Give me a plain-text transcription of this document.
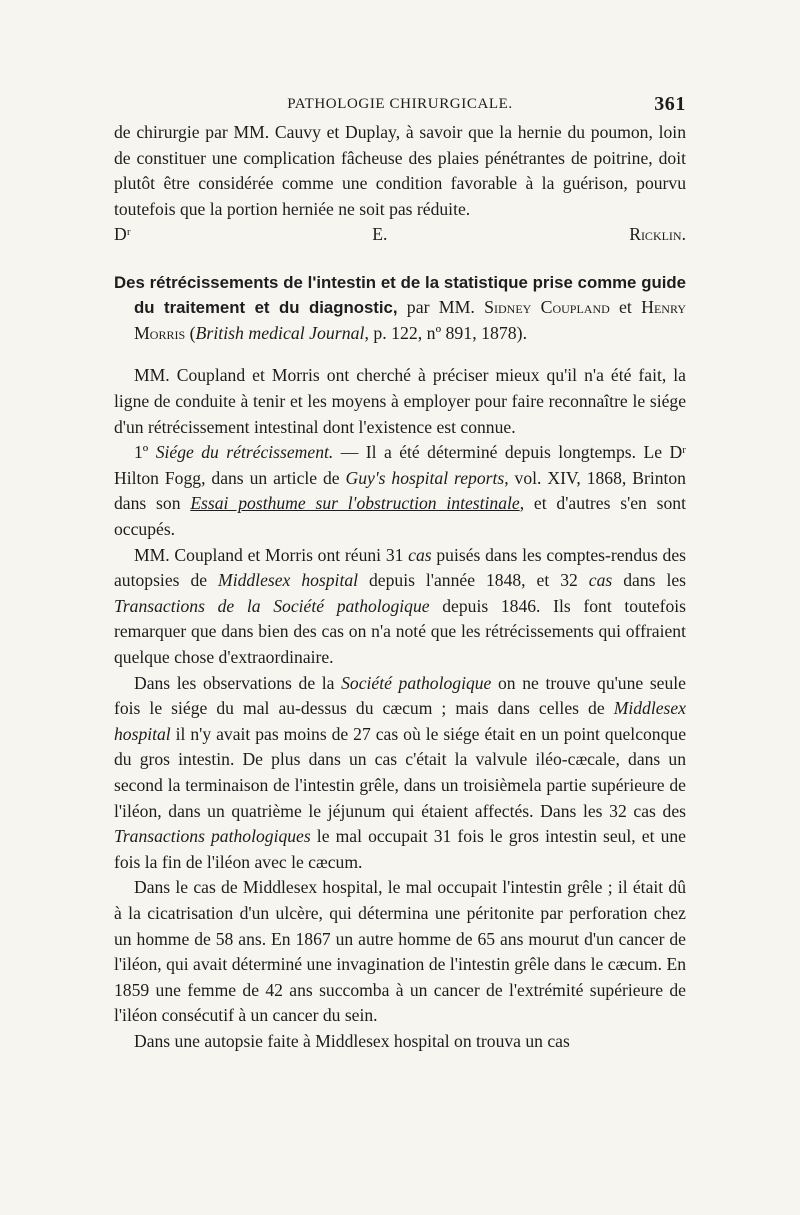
PATHOLOGIE CHIRURGICALE.	361

de chirurgie par MM. Cauvy et Duplay, à savoir que la hernie du poumon, loin de constituer une complication fâcheuse des plaies pénétrantes de poitrine, doit plutôt être considérée comme une condition favorable à la guérison, pourvu toutefois que la portion herniée ne soit pas réduite.

Dʳ E. Ricklin.

Des rétrécissements de l'intestin et de la statistique prise comme guide du traitement et du diagnostic, par MM. Sidney Coupland et Henry Morris (British medical Journal, p. 122, nº 891, 1878).

MM. Coupland et Morris ont cherché à préciser mieux qu'il n'a été fait, la ligne de conduite à tenir et les moyens à employer pour faire reconnaître le siége d'un rétrécissement intestinal dont l'existence est connue.

1º Siége du rétrécissement. — Il a été déterminé depuis longtemps. Le Dʳ Hilton Fogg, dans un article de Guy's hospital reports, vol. XIV, 1868, Brinton dans son Essai posthume sur l'obstruction intestinale, et d'autres s'en sont occupés.

MM. Coupland et Morris ont réuni 31 cas puisés dans les comptes-rendus des autopsies de Middlesex hospital depuis l'année 1848, et 32 cas dans les Transactions de la Société pathologique depuis 1846. Ils font toutefois remarquer que dans bien des cas on n'a noté que les rétrécissements qui offraient quelque chose d'extraordinaire.

Dans les observations de la Société pathologique on ne trouve qu'une seule fois le siége du mal au-dessus du cæcum ; mais dans celles de Middlesex hospital il n'y avait pas moins de 27 cas où le siége était en un point quelconque du gros intestin. De plus dans un cas c'était la valvule iléo-cæcale, dans un second la terminaison de l'intestin grêle, dans un troisièmela partie supérieure de l'iléon, dans un quatrième le jéjunum qui étaient affectés. Dans les 32 cas des Transactions pathologiques le mal occupait 31 fois le gros intestin seul, et une fois la fin de l'iléon avec le cæcum.

Dans le cas de Middlesex hospital, le mal occupait l'intestin grêle ; il était dû à la cicatrisation d'un ulcère, qui détermina une péritonite par perforation chez un homme de 58 ans. En 1867 un autre homme de 65 ans mourut d'un cancer de l'iléon, qui avait déterminé une invagination de l'intestin grêle dans le cæcum. En 1859 une femme de 42 ans succomba à un cancer de l'extrémité supérieure de l'iléon consécutif à un cancer du sein.

Dans une autopsie faite à Middlesex hospital on trouva un cas
